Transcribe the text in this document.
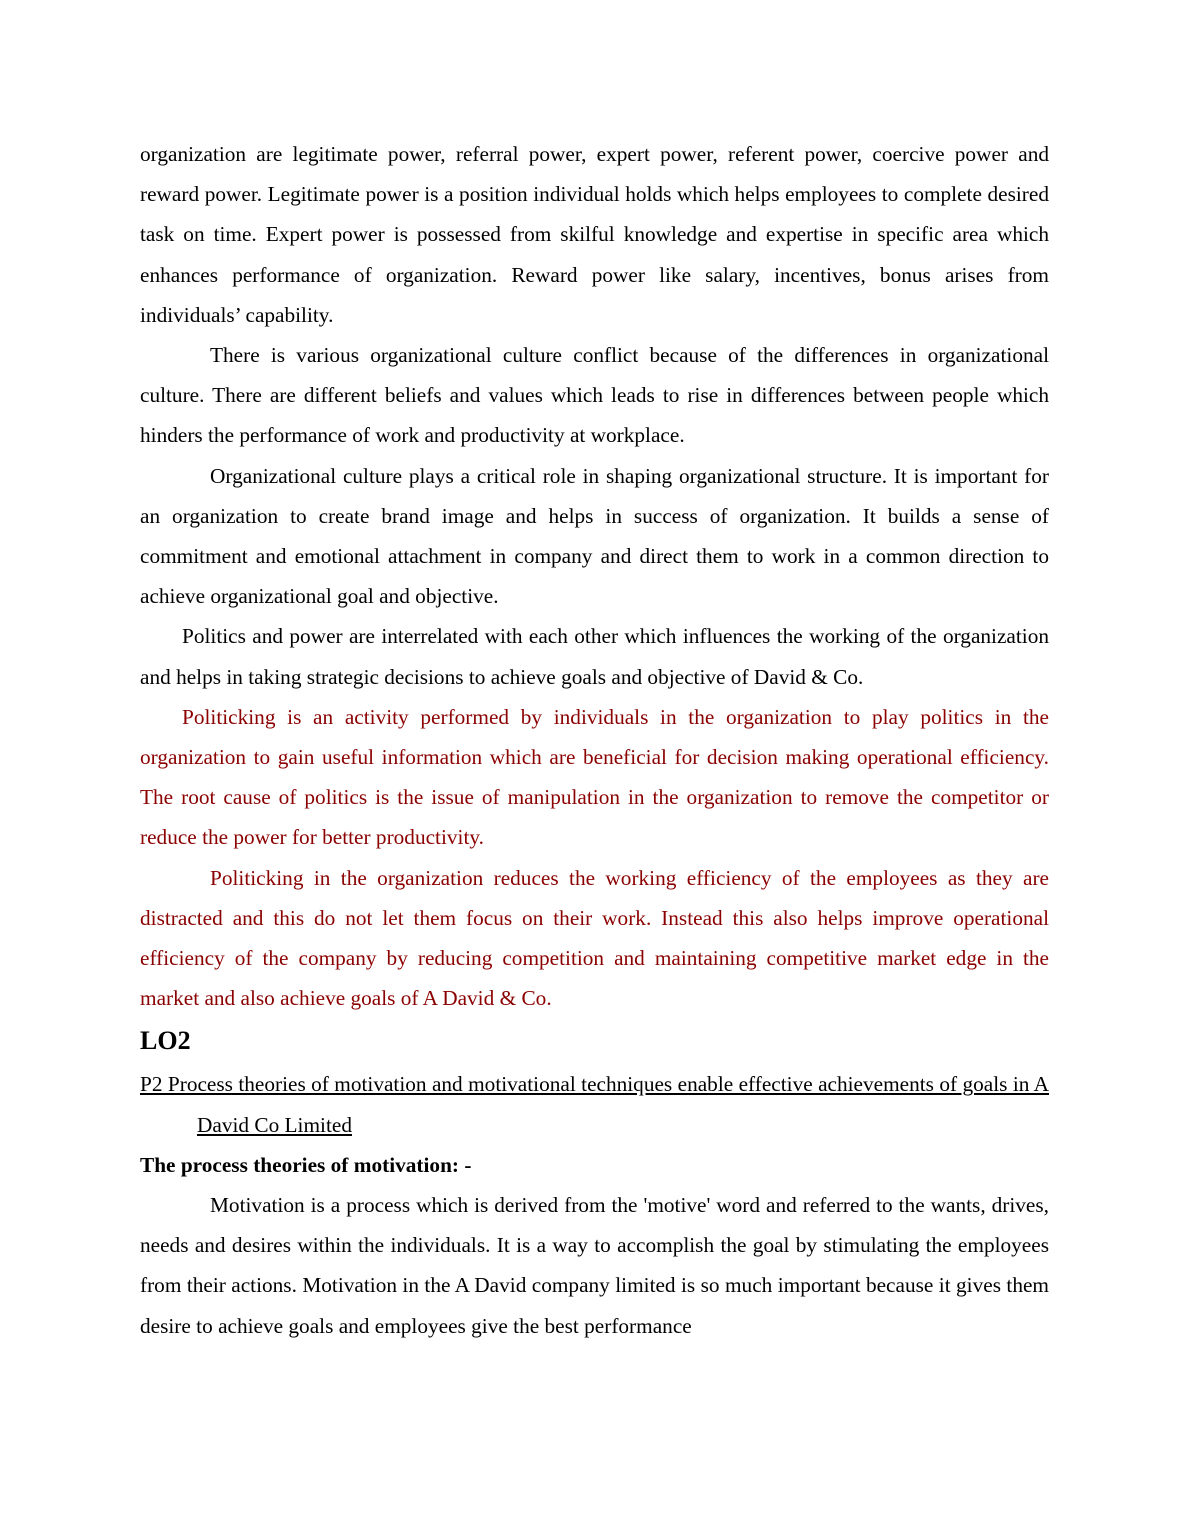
organization are legitimate power, referral power, expert power, referent power, coercive power and reward power. Legitimate power is a position individual holds which helps employees to complete desired task on time. Expert power is possessed from skilful knowledge and expertise in specific area which enhances performance of organization. Reward power like salary, incentives, bonus arises from individuals’ capability.

There is various organizational culture conflict because of the differences in organizational culture. There are different beliefs and values which leads to rise in differences between people which hinders the performance of work and productivity at workplace.

Organizational culture plays a critical role in shaping organizational structure. It is important for an organization to create brand image and helps in success of organization. It builds a sense of commitment and emotional attachment in company and direct them to work in a common direction to achieve organizational goal and objective.

Politics and power are interrelated with each other which influences the working of the organization and helps in taking strategic decisions to achieve goals and objective of David & Co.

Politicking is an activity performed by individuals in the organization to play politics in the organization to gain useful information which are beneficial for decision making operational efficiency. The root cause of politics is the issue of manipulation in the organization to remove the competitor or reduce the power for better productivity.

Politicking in the organization reduces the working efficiency of the employees as they are distracted and this do not let them focus on their work. Instead this also helps improve operational efficiency of the company by reducing competition and maintaining competitive market edge in the market and also achieve goals of A David & Co.

LO2

P2 Process theories of motivation and motivational techniques enable effective achievements of goals in A David Co Limited

The process theories of motivation: -

Motivation is a process which is derived from the 'motive' word and referred to the wants, drives, needs and desires within the individuals. It is a way to accomplish the goal by stimulating the employees from their actions. Motivation in the A David company limited is so much important because it gives them desire to achieve goals and employees give the best performance
